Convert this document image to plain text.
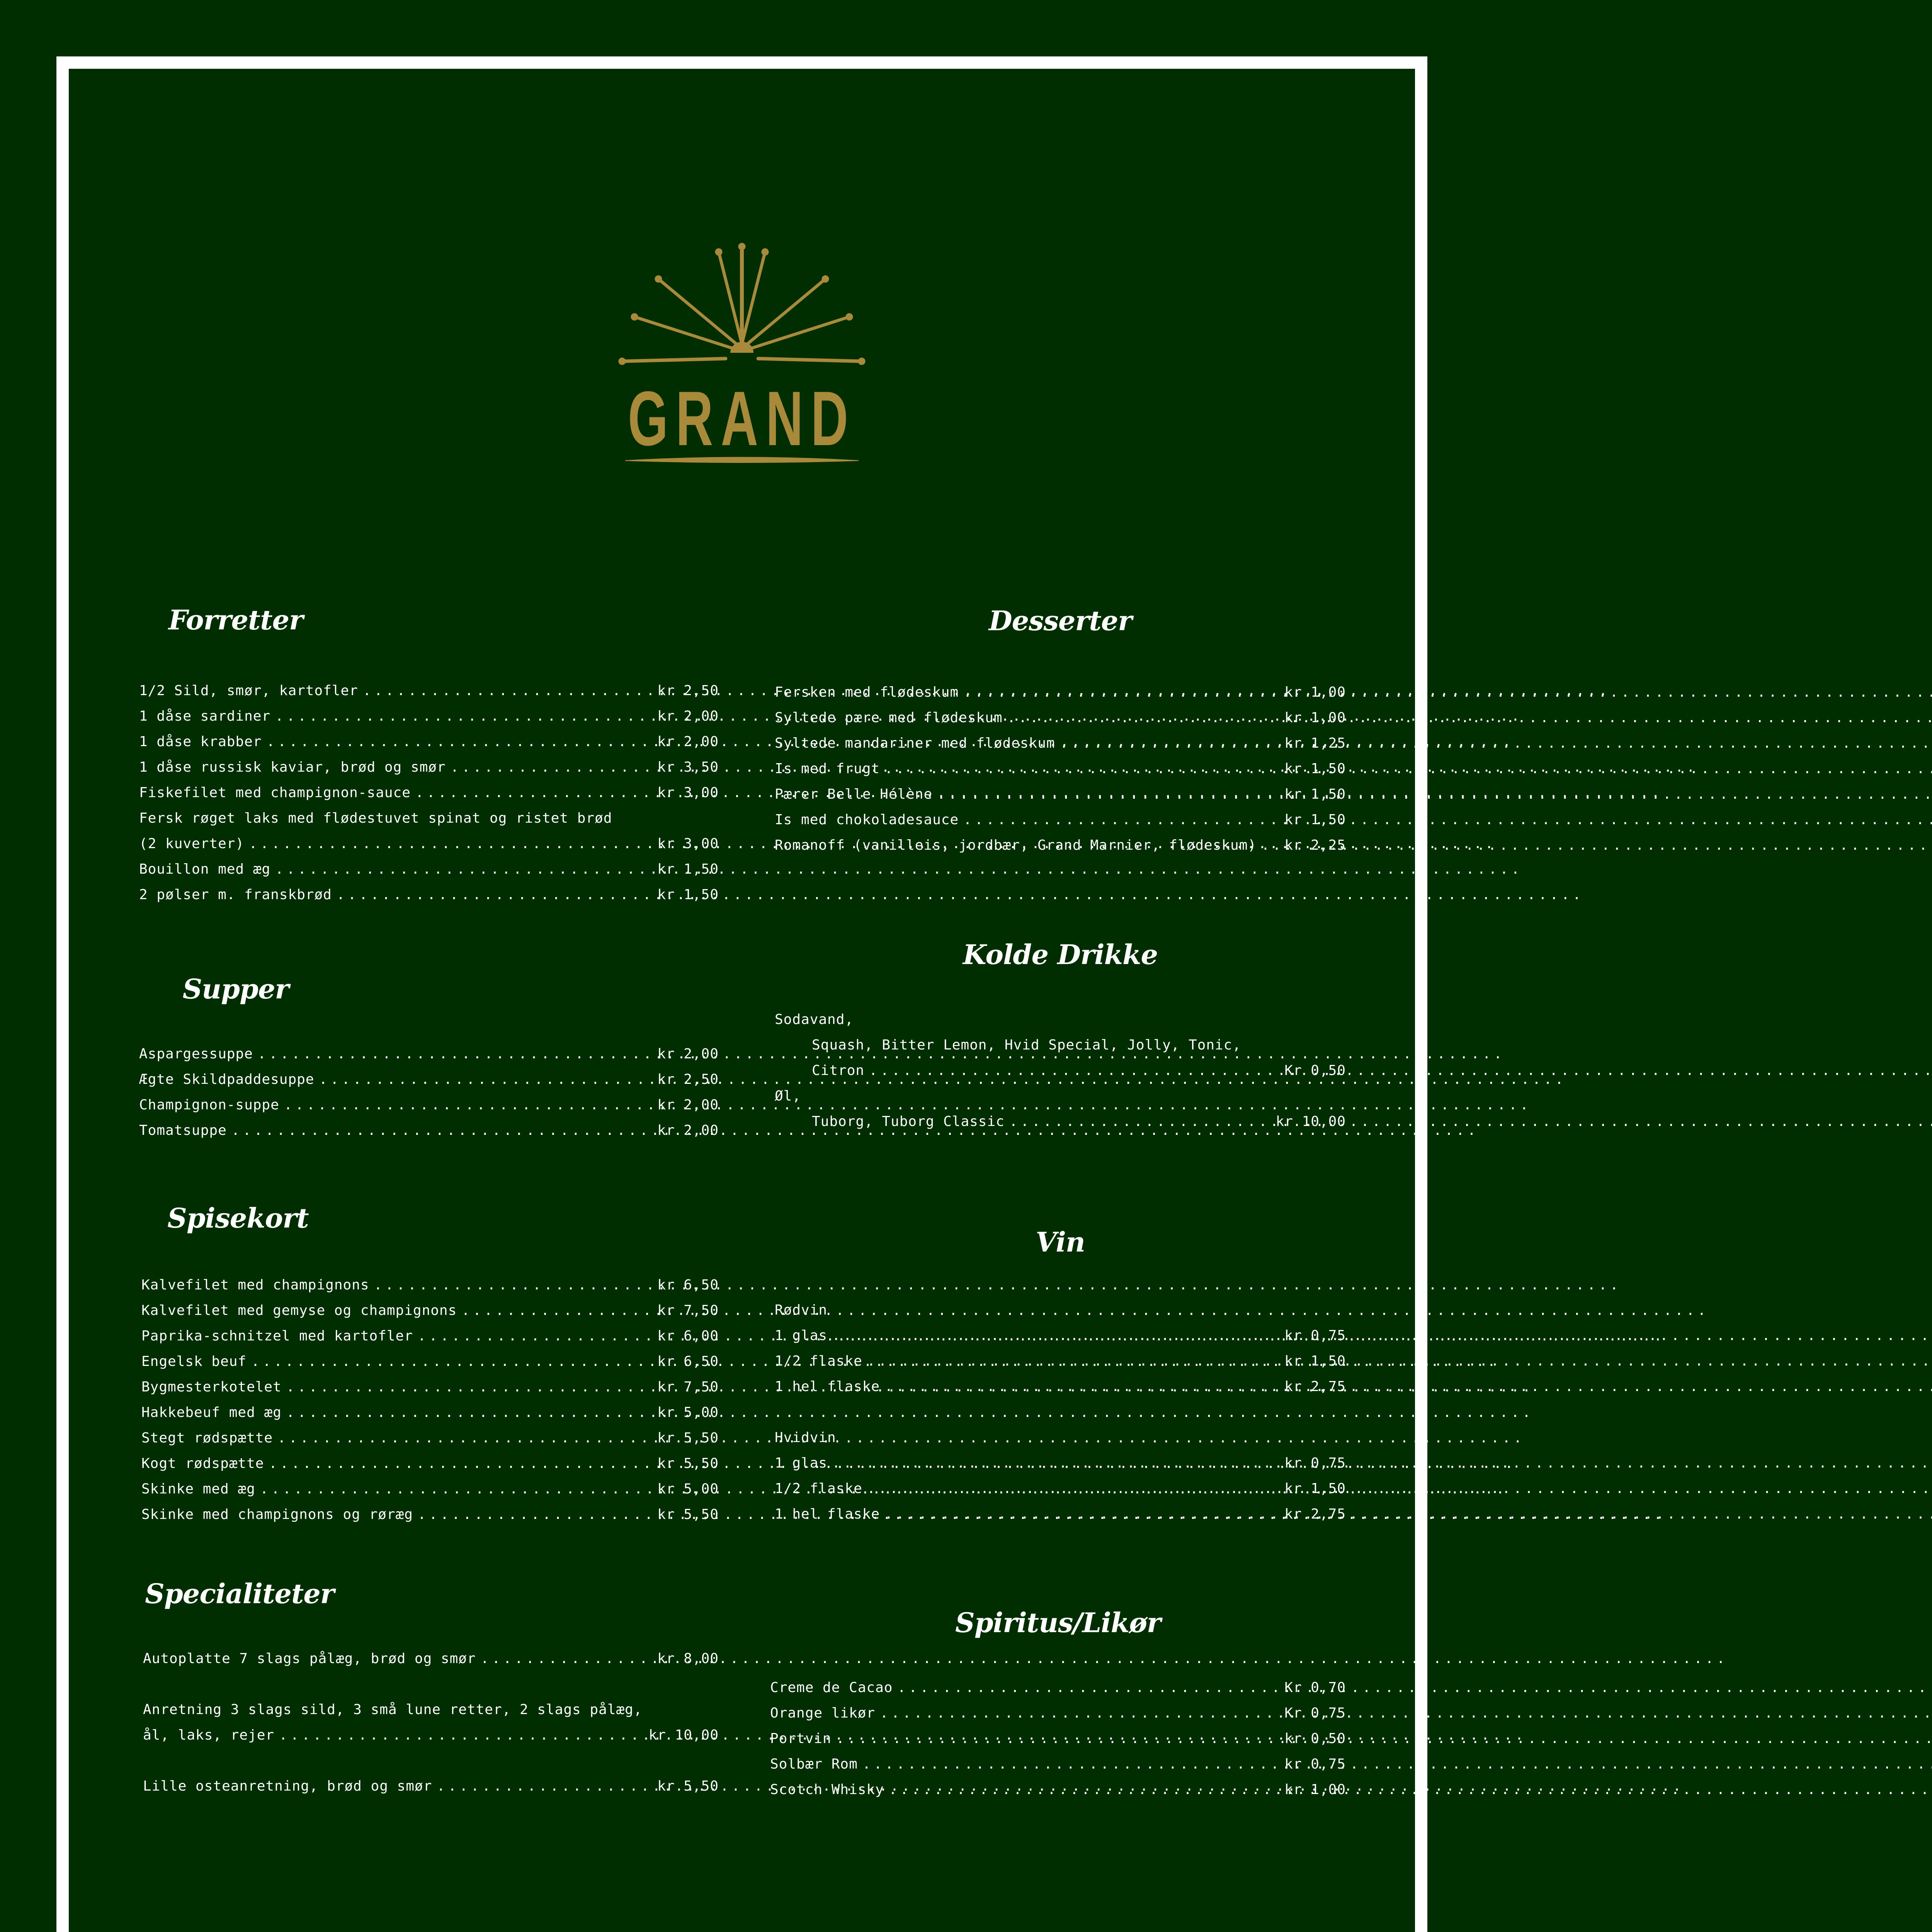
GRAND
Forretter
1/2 Sild, smør, kartofler . . .	kr 2,50
1 dåse sardiner . . .	kr 2,00
1 dåse krabber . . .	kr 2,00
1 dåse russisk kaviar, brød og smør . . .	kr 3,50
Fiskefilet med champignon-sauce . . .	kr 3,00
Fersk røget laks med flødestuvet spinat og ristet brød
(2 kuverter) . . .	kr 3,00
Bouillon med æg . . .	kr 1,50
2 pølser m. franskbrød . . .	kr 1,50
Supper
Aspargessuppe . . .	kr 2,00
Ægte Skildpaddesuppe . . .	kr 2,50
Champignon-suppe . . .	kr 2,00
Tomatsuppe . . .	kr 2,00
Spisekort
Kalvefilet med champignons . . .	kr 6,50
Kalvefilet med gemyse og champignons . . .	kr 7,50
Paprika-schnitzel med kartofler . . .	kr 6,00
Engelsk beuf . . .	kr 6,50
Bygmesterkotelet . . .	kr 7,50
Hakkebeuf med æg . . .	kr 5,00
Stegt rødspætte . . .	kr 5,50
Kogt rødspætte . . .	kr 5,50
Skinke med æg . . .	kr 5,00
Skinke med champignons og røræg . . .	kr 5,50
Specialiteter
Autoplatte 7 slags pålæg, brød og smør . . .	kr 8,00
Anretning 3 slags sild, 3 små lune retter, 2 slags pålæg,
ål, laks, rejer . . .	kr 10,00
Lille osteanretning, brød og smør . . .	kr 5,50
Desserter
Fersken med flødeskum . . .	kr 1,00
Syltede pære med flødeskum . . .	kr 1,00
Syltede mandariner med flødeskum . . .	kr 1,25
Is med frugt . . .	kr 1,50
Pærer Belle Hélène . . .	kr 1,50
Is med chokoladesauce . . .	kr 1,50
Romanoff (vanilleis, jordbær, Grand Marnier, flødeskum) . . .	kr 2,25
Kolde Drikke
Sodavand,
Squash, Bitter Lemon, Hvid Special, Jolly, Tonic,
Citron . . .	Kr 0,50
Øl,
Tuborg, Tuborg Classic . . .	kr 10,00
Vin
Rødvin
1 glas . . .	kr 0,75
1/2 flaske . . .	kr 1,50
1 hel flaske . . .	kr 2,75
Hvidvin
1 glas . . .	kr 0,75
1/2 flaske . . .	kr 1,50
1 hel flaske . . .	kr 2,75
Spiritus/Likør
Creme de Cacao . . .	Kr 0,70
Orange likør . . .	Kr 0,75
Portvin . . .	kr 0,50
Solbær Rom . . .	kr 0,75
Scotch Whisky . . .	kr 1,00
